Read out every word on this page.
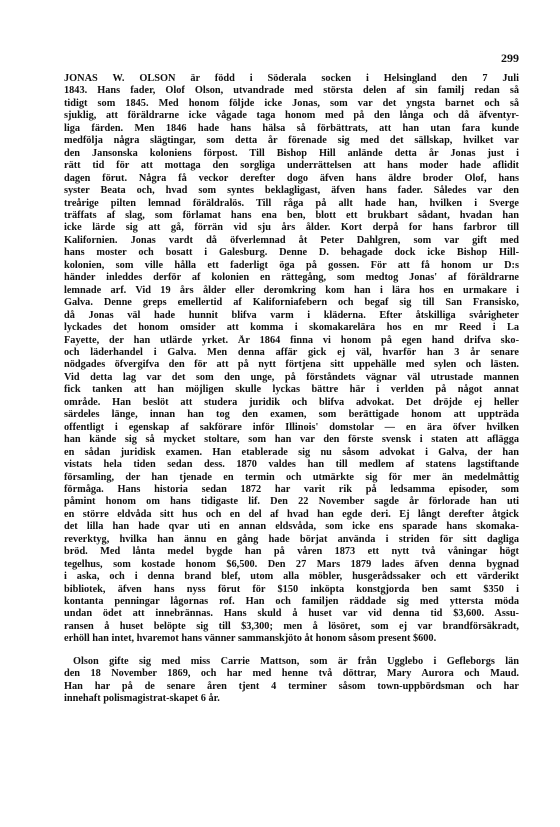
299
JONAS W. OLSON är född i Söderala socken i Helsingland den 7 Juli
1843. Hans fader, Olof Olson, utvandrade med största delen af sin familj redan så
tidigt som 1845. Med honom följde icke Jonas, som var det yngsta barnet och så
sjuklig, att föräldrarne icke vågade taga honom med på den långa och då äfventyr-
liga färden. Men 1846 hade hans hälsa så förbättrats, att han utan fara kunde
medfölja några slägtingar, som detta år förenade sig med det sällskap, hvilket var
den Jansonska koloniens förpost. Till Bishop Hill anlände detta år Jonas just i
rätt tid för att mottaga den sorgliga underrättelsen att hans moder hade aflidit
dagen förut. Några få veckor derefter dogo äfven hans äldre broder Olof, hans
syster Beata och, hvad som syntes beklagligast, äfven hans fader. Således var den
treårige pilten lemnad föräldralös. Till råga på allt hade han, hvilken i Sverge
träffats af slag, som förlamat hans ena ben, blott ett brukbart sådant, hvadan han
icke lärde sig att gå, förrän vid sju års ålder. Kort derpå for hans farbror till
Kalifornien. Jonas vardt då öfverlemnad åt Peter Dahlgren, som var gift med
hans moster och bosatt i Galesburg. Denne D. behagade dock icke Bishop Hill-
kolonien, som ville hålla ett faderligt öga på gossen. För att få honom ur D:s
händer inleddes derför af kolonien en rättegång, som medtog Jonas' af föräldrarne
lemnade arf. Vid 19 års ålder eller deromkring kom han i lära hos en urmakare i
Galva. Denne greps emellertid af Kaliforniafebern och begaf sig till San Fransisko,
då Jonas väl hade hunnit blifva varm i kläderna. Efter åtskilliga svårigheter
lyckades det honom omsider att komma i skomakarelära hos en mr Reed i La
Fayette, der han utlärde yrket. År 1864 finna vi honom på egen hand drifva sko-
och läderhandel i Galva. Men denna affär gick ej väl, hvarför han 3 år senare
nödgades öfvergifva den för att på nytt förtjena sitt uppehälle med sylen och lästen.
Vid detta lag var det som den unge, på förståndets vägnar väl utrustade mannen
fick tanken att han möjligen skulle lyckas bättre här i verlden på något annat
område. Han beslöt att studera juridik och blifva advokat. Det dröjde ej heller
särdeles länge, innan han tog den examen, som berättigade honom att uppträda
offentligt i egenskap af sakförare inför Illinois' domstolar — en ära öfver hvilken
han kände sig så mycket stoltare, som han var den förste svensk i staten att aflägga
en sådan juridisk examen. Han etablerade sig nu såsom advokat i Galva, der han
vistats hela tiden sedan dess. 1870 valdes han till medlem af statens lagstiftande
församling, der han tjenade en termin och utmärkte sig för mer än medelmåttig
förmåga. Hans historia sedan 1872 har varit rik på ledsamma episoder, som
påmint honom om hans tidigaste lif. Den 22 November sagde år förlorade han uti
en större eldvåda sitt hus och en del af hvad han egde deri. Ej långt derefter åtgick
det lilla han hade qvar uti en annan eldsvåda, som icke ens sparade hans skomaka-
reverktyg, hvilka han ännu en gång hade börjat använda i striden för sitt dagliga
bröd. Med lånta medel bygde han på våren 1873 ett nytt två våningar högt
tegelhus, som kostade honom $6,500. Den 27 Mars 1879 lades äfven denna bygnad
i aska, och i denna brand blef, utom alla möbler, husgerådssaker och ett värderikt
bibliotek, äfven hans nyss förut för $150 inköpta konstgjorda ben samt $350 i
kontanta penningar lågornas rof. Han och familjen räddade sig med yttersta möda
undan ödet att innebrännas. Hans skuld å huset var vid denna tid $3,600. Assu-
ransen å huset belöpte sig till $3,300; men å lösöret, som ej var brandförsäkradt,
erhöll han intet, hvaremot hans vänner sammanskjöto åt honom såsom present $600.
Olson gifte sig med miss Carrie Mattson, som är från Ugglebo i Gefleborgs län
den 18 November 1869, och har med henne två döttrar, Mary Aurora och Maud.
Han har på de senare åren tjent 4 terminer såsom town-uppbördsman och har
innehaft polismagistrat-skapet 6 år.
